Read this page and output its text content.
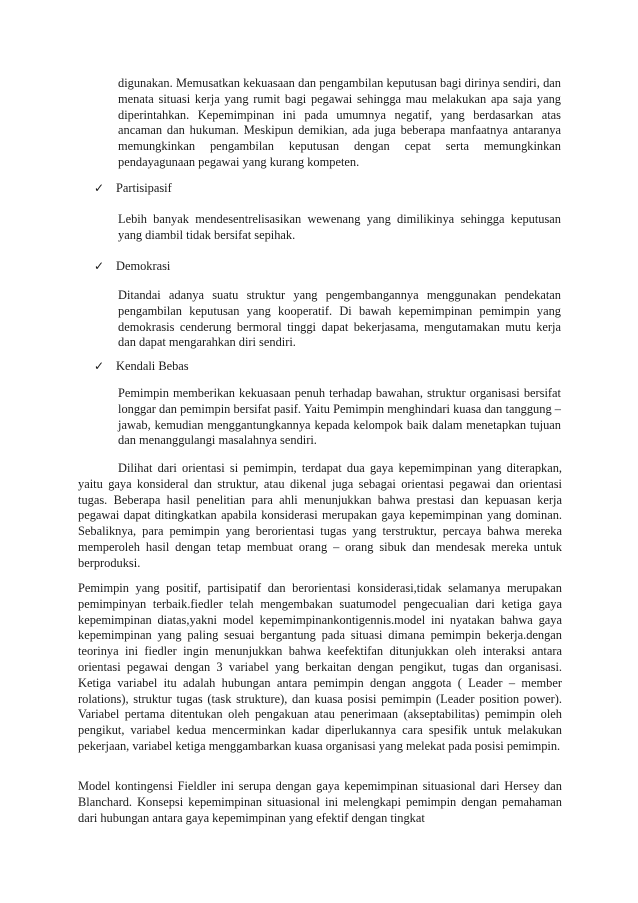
digunakan. Memusatkan kekuasaan dan pengambilan keputusan bagi dirinya sendiri, dan menata situasi kerja yang rumit bagi pegawai sehingga mau melakukan apa saja yang diperintahkan. Kepemimpinan ini pada umumnya negatif, yang berdasarkan atas ancaman dan hukuman. Meskipun demikian, ada juga beberapa manfaatnya antaranya memungkinkan pengambilan keputusan dengan cepat serta memungkinkan pendayagunaan pegawai yang kurang kompeten.

✓ Partisipasif

Lebih banyak mendesentrelisasikan wewenang yang dimilikinya sehingga keputusan yang diambil tidak bersifat sepihak.

✓ Demokrasi

Ditandai adanya suatu struktur yang pengembangannya menggunakan pendekatan pengambilan keputusan yang kooperatif. Di bawah kepemimpinan pemimpin yang demokrasis cenderung bermoral tinggi dapat bekerjasama, mengutamakan mutu kerja dan dapat mengarahkan diri sendiri.

✓ Kendali Bebas

Pemimpin memberikan kekuasaan penuh terhadap bawahan, struktur organisasi bersifat longgar dan pemimpin bersifat pasif. Yaitu Pemimpin menghindari kuasa dan tanggung – jawab, kemudian menggantungkannya kepada kelompok baik dalam menetapkan tujuan dan menanggulangi masalahnya sendiri.

Dilihat dari orientasi si pemimpin, terdapat dua gaya kepemimpinan yang diterapkan, yaitu gaya konsideral dan struktur, atau dikenal juga sebagai orientasi pegawai dan orientasi tugas. Beberapa hasil penelitian para ahli menunjukkan bahwa prestasi dan kepuasan kerja pegawai dapat ditingkatkan apabila konsiderasi merupakan gaya kepemimpinan yang dominan. Sebaliknya, para pemimpin yang berorientasi tugas yang terstruktur, percaya bahwa mereka memperoleh hasil dengan tetap membuat orang – orang sibuk dan mendesak mereka untuk berproduksi.

Pemimpin yang positif, partisipatif dan berorientasi konsiderasi,tidak selamanya merupakan pemimpinyan terbaik.fiedler telah mengembakan suatumodel pengecualian dari ketiga gaya kepemimpinan diatas,yakni model kepemimpinankontigennis.model ini nyatakan bahwa gaya kepemimpinan yang paling sesuai bergantung pada situasi dimana pemimpin bekerja.dengan teorinya ini fiedler ingin menunjukkan bahwa keefektifan ditunjukkan oleh interaksi antara orientasi pegawai dengan 3 variabel yang berkaitan dengan pengikut, tugas dan organisasi. Ketiga variabel itu adalah hubungan antara pemimpin dengan anggota ( Leader – member rolations), struktur tugas (task strukture), dan kuasa posisi pemimpin (Leader position power). Variabel pertama ditentukan oleh pengakuan atau penerimaan (akseptabilitas) pemimpin oleh pengikut, variabel kedua mencerminkan kadar diperlukannya cara spesifik untuk melakukan pekerjaan, variabel ketiga menggambarkan kuasa organisasi yang melekat pada posisi pemimpin.

Model kontingensi Fieldler ini serupa dengan gaya kepemimpinan situasional dari Hersey dan Blanchard. Konsepsi kepemimpinan situasional ini melengkapi pemimpin dengan pemahaman dari hubungan antara gaya kepemimpinan yang efektif dengan tingkat
